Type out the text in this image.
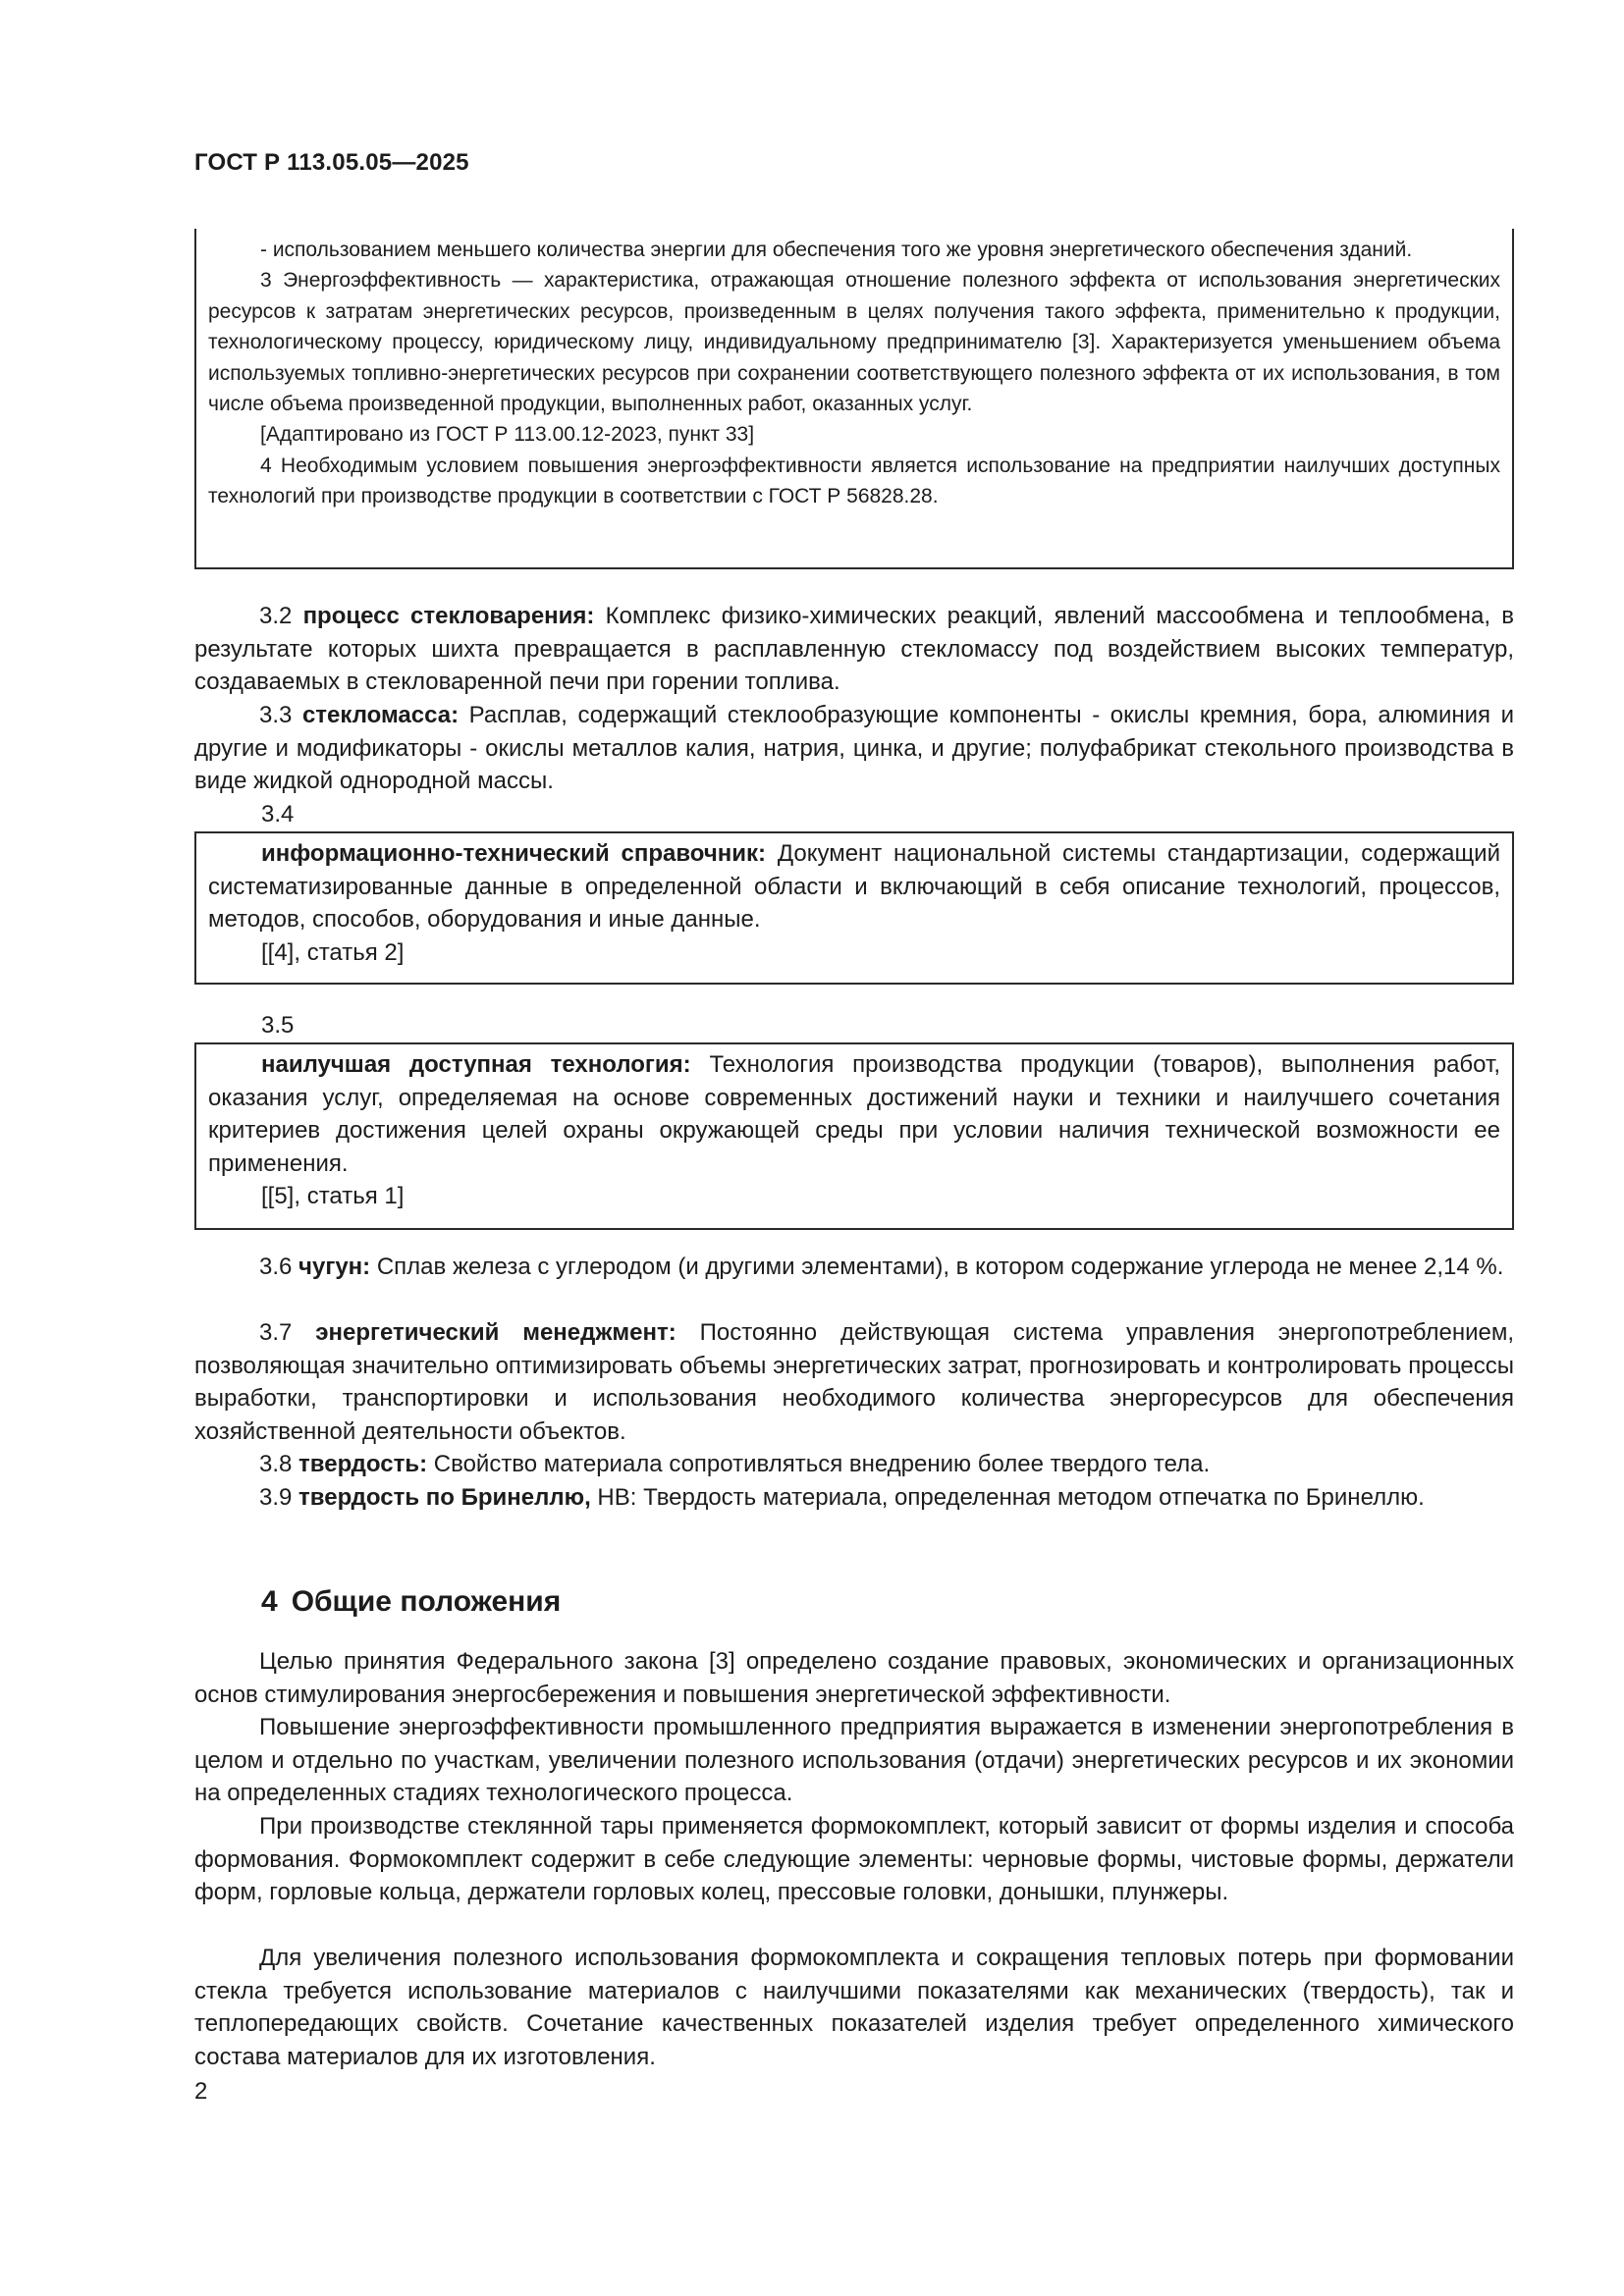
ГОСТ Р 113.05.05—2025

- использованием меньшего количества энергии для обеспечения того же уровня энергетического обеспечения зданий.

3 Энергоэффективность — характеристика, отражающая отношение полезного эффекта от использования энергетических ресурсов к затратам энергетических ресурсов, произведенным в целях получения такого эффекта, применительно к продукции, технологическому процессу, юридическому лицу, индивидуальному предпринимателю [3]. Характеризуется уменьшением объема используемых топливно-энергетических ресурсов при сохранении соответствующего полезного эффекта от их использования, в том числе объема произведенной продукции, выполненных работ, оказанных услуг.

[Адаптировано из ГОСТ Р 113.00.12-2023, пункт 33]

4 Необходимым условием повышения энергоэффективности является использование на предприятии наилучших доступных технологий при производстве продукции в соответствии с ГОСТ Р 56828.28.

3.2 процесс стекловарения: Комплекс физико-химических реакций, явлений массообмена и теплообмена, в результате которых шихта превращается в расплавленную стекломассу под воздействием высоких температур, создаваемых в стекловаренной печи при горении топлива.

3.3 стекломасса: Расплав, содержащий стеклообразующие компоненты - окислы кремния, бора, алюминия и другие и модификаторы - окислы металлов калия, натрия, цинка, и другие; полуфабрикат стекольного производства в виде жидкой однородной массы.

3.4

информационно-технический справочник: Документ национальной системы стандартизации, содержащий систематизированные данные в определенной области и включающий в себя описание технологий, процессов, методов, способов, оборудования и иные данные.

[[4], статья 2]

3.5

наилучшая доступная технология: Технология производства продукции (товаров), выполнения работ, оказания услуг, определяемая на основе современных достижений науки и техники и наилучшего сочетания критериев достижения целей охраны окружающей среды при условии наличия технической возможности ее применения.

[[5], статья 1]

3.6 чугун: Сплав железа с углеродом (и другими элементами), в котором содержание углерода не менее 2,14 %.

3.7 энергетический менеджмент: Постоянно действующая система управления энергопотреблением, позволяющая значительно оптимизировать объемы энергетических затрат, прогнозировать и контролировать процессы выработки, транспортировки и использования необходимого количества энергоресурсов для обеспечения хозяйственной деятельности объектов.

3.8 твердость: Свойство материала сопротивляться внедрению более твердого тела.

3.9 твердость по Бринеллю, НВ: Твердость материала, определенная методом отпечатка по Бринеллю.

4 Общие положения

Целью принятия Федерального закона [3] определено создание правовых, экономических и организационных основ стимулирования энергосбережения и повышения энергетической эффективности.

Повышение энергоэффективности промышленного предприятия выражается в изменении энергопотребления в целом и отдельно по участкам, увеличении полезного использования (отдачи) энергетических ресурсов и их экономии на определенных стадиях технологического процесса.

При производстве стеклянной тары применяется формокомплект, который зависит от формы изделия и способа формования. Формокомплект содержит в себе следующие элементы: черновые формы, чистовые формы, держатели форм, горловые кольца, держатели горловых колец, прессовые головки, донышки, плунжеры.

Для увеличения полезного использования формокомплекта и сокращения тепловых потерь при формовании стекла требуется использование материалов с наилучшими показателями как механических (твердость), так и теплопередающих свойств. Сочетание качественных показателей изделия требует определенного химического состава материалов для их изготовления.

2
